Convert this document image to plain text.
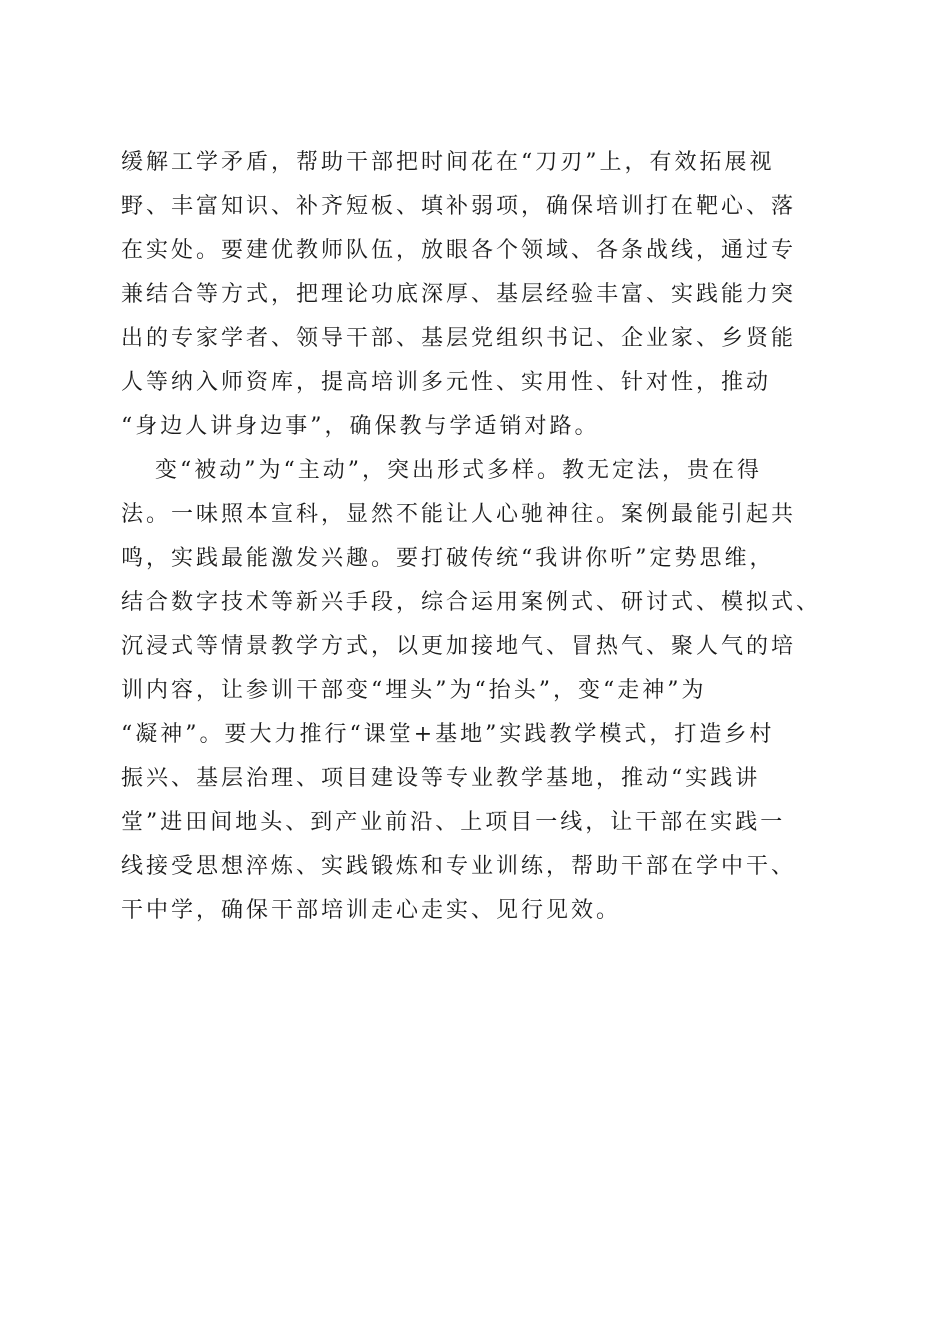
缓解工学矛盾，帮助干部把时间花在“刀刃”上，有效拓展视
野、丰富知识、补齐短板、填补弱项，确保培训打在靶心、落
在实处。要建优教师队伍，放眼各个领域、各条战线，通过专
兼结合等方式，把理论功底深厚、基层经验丰富、实践能力突
出的专家学者、领导干部、基层党组织书记、企业家、乡贤能
人等纳入师资库，提高培训多元性、实用性、针对性，推动
“身边人讲身边事”，确保教与学适销对路。
变“被动”为“主动”，突出形式多样。教无定法，贵在得
法。一味照本宣科，显然不能让人心驰神往。案例最能引起共
鸣，实践最能激发兴趣。要打破传统“我讲你听”定势思维，
结合数字技术等新兴手段，综合运用案例式、研讨式、模拟式、
沉浸式等情景教学方式，以更加接地气、冒热气、聚人气的培
训内容，让参训干部变“埋头”为“抬头”，变“走神”为
“凝神”。要大力推行“课堂+基地”实践教学模式，打造乡村
振兴、基层治理、项目建设等专业教学基地，推动“实践讲
堂”进田间地头、到产业前沿、上项目一线，让干部在实践一
线接受思想淬炼、实践锻炼和专业训练，帮助干部在学中干、
干中学，确保干部培训走心走实、见行见效。
